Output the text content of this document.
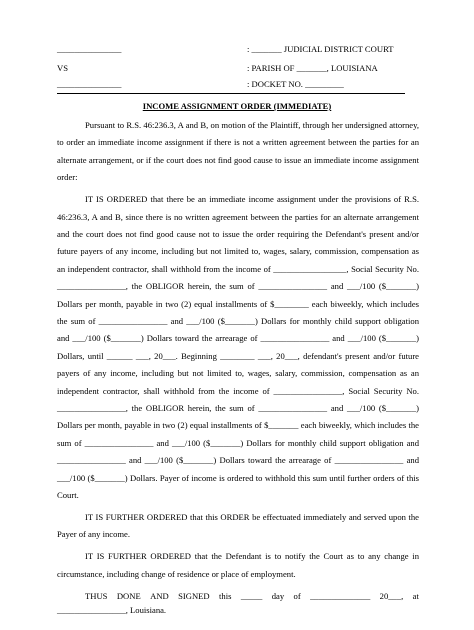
_______________	: _______ JUDICIAL DISTRICT COURT
VS	: PARISH OF _______, LOUISIANA
_______________	: DOCKET NO. _________
INCOME ASSIGNMENT ORDER (IMMEDIATE)

Pursuant to R.S. 46:236.3, A and B, on motion of the Plaintiff, through her undersigned attorney, to order an immediate income assignment if there is not a written agreement between the parties for an alternate arrangement, or if the court does not find good cause to issue an immediate income assignment order:

IT IS ORDERED that there be an immediate income assignment under the provisions of R.S. 46:236.3, A and B, since there is no written agreement between the parties for an alternate arrangement and the court does not find good cause not to issue the order requiring the Defendant's present and/or future payers of any income, including but not limited to, wages, salary, commission, compensation as an independent contractor, shall withhold from the income of _________________, Social Security No. ________________, the OBLIGOR herein, the sum of ________________ and ___/100 ($_______) Dollars per month, payable in two (2) equal installments of $________ each biweekly, which includes the sum of ________________ and ___/100 ($_______) Dollars for monthly child support obligation and ___/100 ($_______) Dollars toward the arrearage of ________________ and ___/100 ($_______) Dollars, until ______ ___, 20___. Beginning ________ ___, 20___, defendant's present and/or future payers of any income, including but not limited to, wages, salary, commission, compensation as an independent contractor, shall withhold from the income of ________________, Social Security No. ________________, the OBLIGOR herein, the sum of ________________ and ___/100 ($_______) Dollars per month, payable in two (2) equal installments of $_______ each biweekly, which includes the sum of ________________ and ___/100 ($_______) Dollars for monthly child support obligation and ________________ and ___/100 ($_______) Dollars toward the arrearage of ________________ and ___/100 ($_______) Dollars. Payer of income is ordered to withhold this sum until further orders of this Court.

IT IS FURTHER ORDERED that this ORDER be effectuated immediately and served upon the Payer of any income.

IT IS FURTHER ORDERED that the Defendant is to notify the Court as to any change in circumstance, including change of residence or place of employment.

THUS DONE AND SIGNED this _____ day of ______________ 20___, at
________________, Louisiana.
